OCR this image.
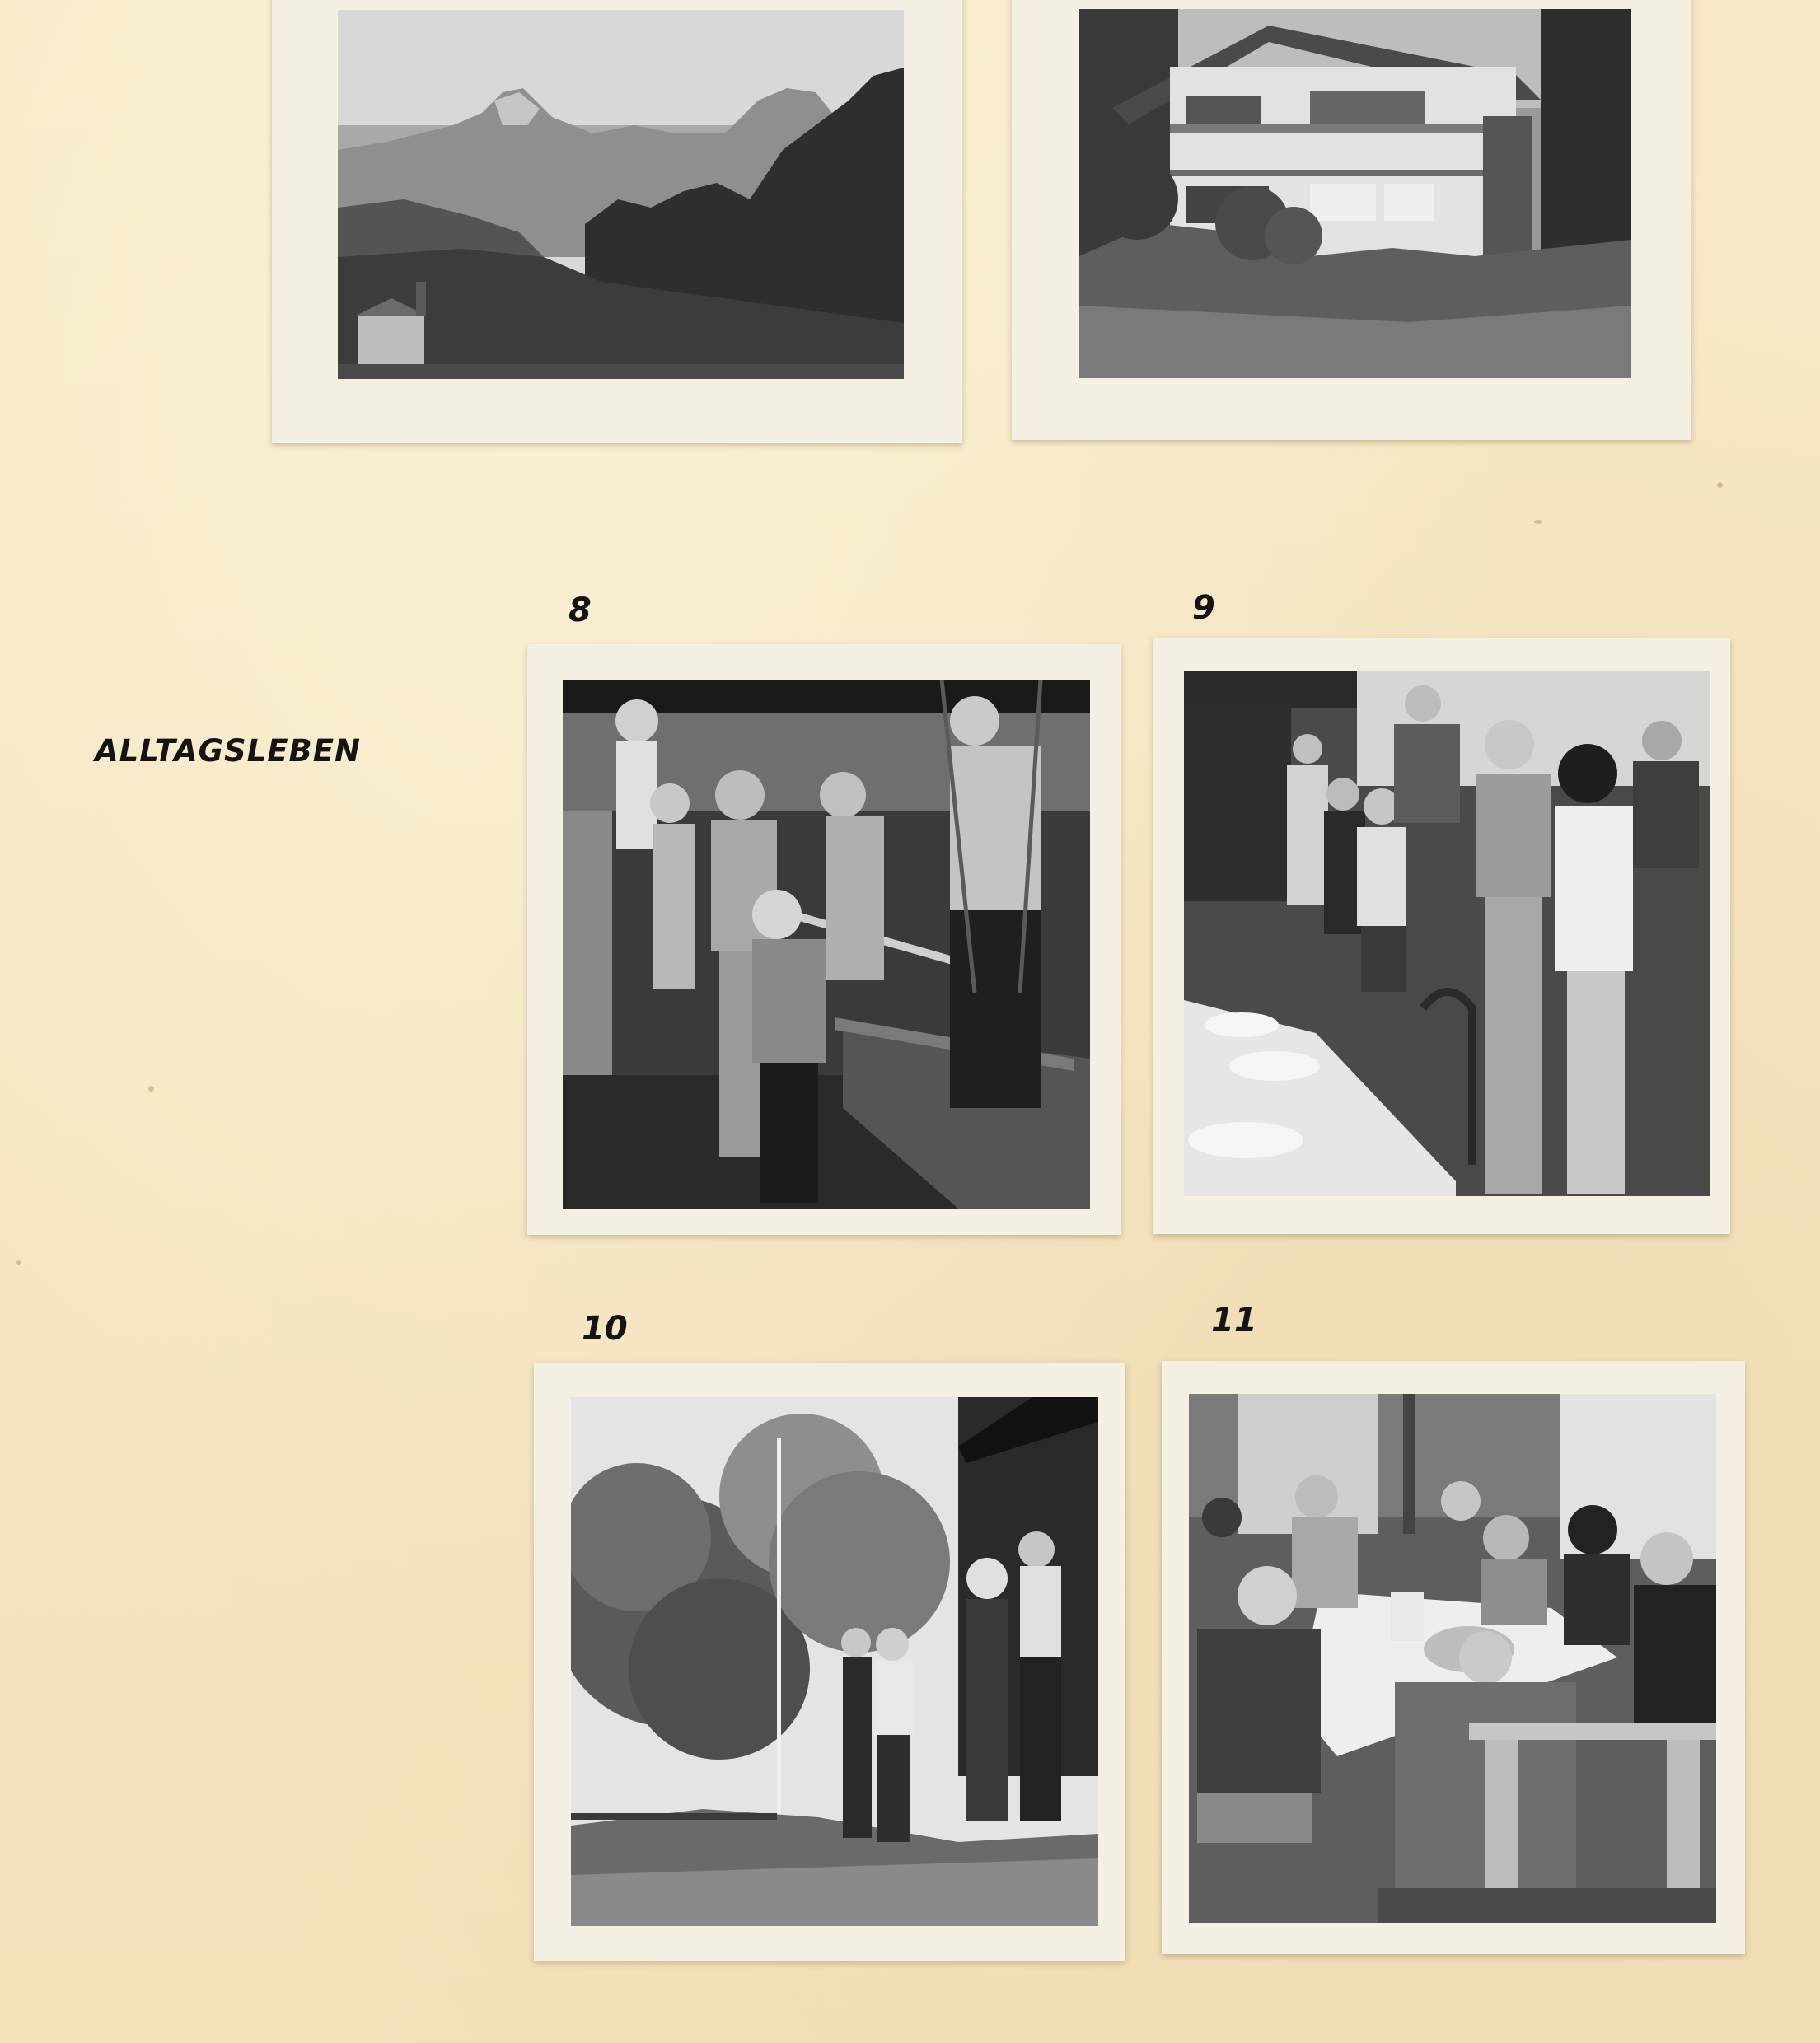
ALLTAGSLEBEN
8	9
10	11
